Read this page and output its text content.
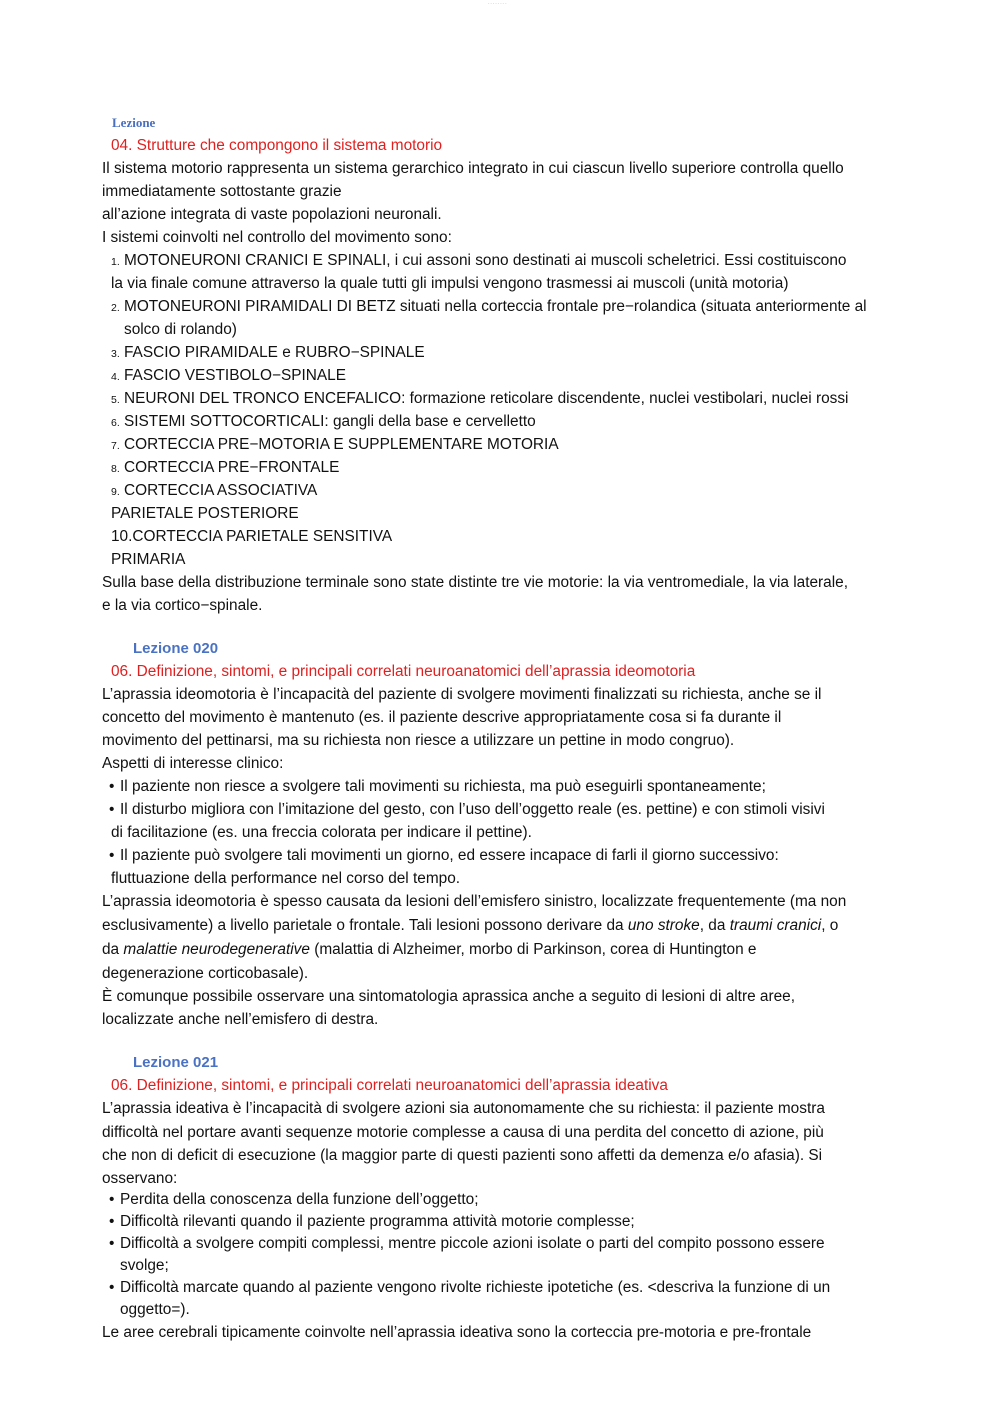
- - - - - - - -
Lezione
04. Strutture che compongono il sistema motorio
Il sistema motorio rappresenta un sistema gerarchico integrato in cui ciascun livello superiore controlla quello
immediatamente sottostante grazie
all’azione integrata di vaste popolazioni neuronali.
I sistemi coinvolti nel controllo del movimento sono:
1. MOTONEURONI CRANICI E SPINALI, i cui assoni sono destinati ai muscoli scheletrici. Essi costituiscono
la via finale comune attraverso la quale tutti gli impulsi vengono trasmessi ai muscoli (unità motoria)
2. MOTONEURONI PIRAMIDALI DI BETZ situati nella corteccia frontale pre−rolandica (situata anteriormente al
solco di rolando)
3. FASCIO PIRAMIDALE e RUBRO−SPINALE
4. FASCIO VESTIBOLO−SPINALE
5. NEURONI DEL TRONCO ENCEFALICO: formazione reticolare discendente, nuclei vestibolari, nuclei rossi
6. SISTEMI SOTTOCORTICALI: gangli della base e cervelletto
7. CORTECCIA PRE−MOTORIA E SUPPLEMENTARE MOTORIA
8. CORTECCIA PRE−FRONTALE
9. CORTECCIA ASSOCIATIVA
PARIETALE POSTERIORE
10.CORTECCIA PARIETALE SENSITIVA
PRIMARIA
Sulla base della distribuzione terminale sono state distinte tre vie motorie: la via ventromediale, la via laterale,
e la via cortico−spinale.
Lezione 020
06. Definizione, sintomi, e principali correlati neuroanatomici dell’aprassia ideomotoria
L’aprassia ideomotoria è l’incapacità del paziente di svolgere movimenti finalizzati su richiesta, anche se il
concetto del movimento è mantenuto (es. il paziente descrive appropriatamente cosa si fa durante il
movimento del pettinarsi, ma su richiesta non riesce a utilizzare un pettine in modo congruo).
Aspetti di interesse clinico:
• Il paziente non riesce a svolgere tali movimenti su richiesta, ma può eseguirli spontaneamente;
• Il disturbo migliora con l’imitazione del gesto, con l’uso dell’oggetto reale (es. pettine) e con stimoli visivi
di facilitazione (es. una freccia colorata per indicare il pettine).
• Il paziente può svolgere tali movimenti un giorno, ed essere incapace di farli il giorno successivo:
fluttuazione della performance nel corso del tempo.
L’aprassia ideomotoria è spesso causata da lesioni dell’emisfero sinistro, localizzate frequentemente (ma non
esclusivamente) a livello parietale o frontale. Tali lesioni possono derivare da uno stroke, da traumi cranici, o
da malattie neurodegenerative (malattia di Alzheimer, morbo di Parkinson, corea di Huntington e
degenerazione corticobasale).
È comunque possibile osservare una sintomatologia aprassica anche a seguito di lesioni di altre aree,
localizzate anche nell’emisfero di destra.
Lezione 021
06. Definizione, sintomi, e principali correlati neuroanatomici dell’aprassia ideativa
L’aprassia ideativa è l’incapacità di svolgere azioni sia autonomamente che su richiesta: il paziente mostra
difficoltà nel portare avanti sequenze motorie complesse a causa di una perdita del concetto di azione, più
che non di deficit di esecuzione (la maggior parte di questi pazienti sono affetti da demenza e/o afasia). Si
osservano:
• Perdita della conoscenza della funzione dell’oggetto;
• Difficoltà rilevanti quando il paziente programma attività motorie complesse;
• Difficoltà a svolgere compiti complessi, mentre piccole azioni isolate o parti del compito possono essere
svolge;
• Difficoltà marcate quando al paziente vengono rivolte richieste ipotetiche (es. <descriva la funzione di un
oggetto=).
Le aree cerebrali tipicamente coinvolte nell’aprassia ideativa sono la corteccia pre-motoria e pre-frontale
